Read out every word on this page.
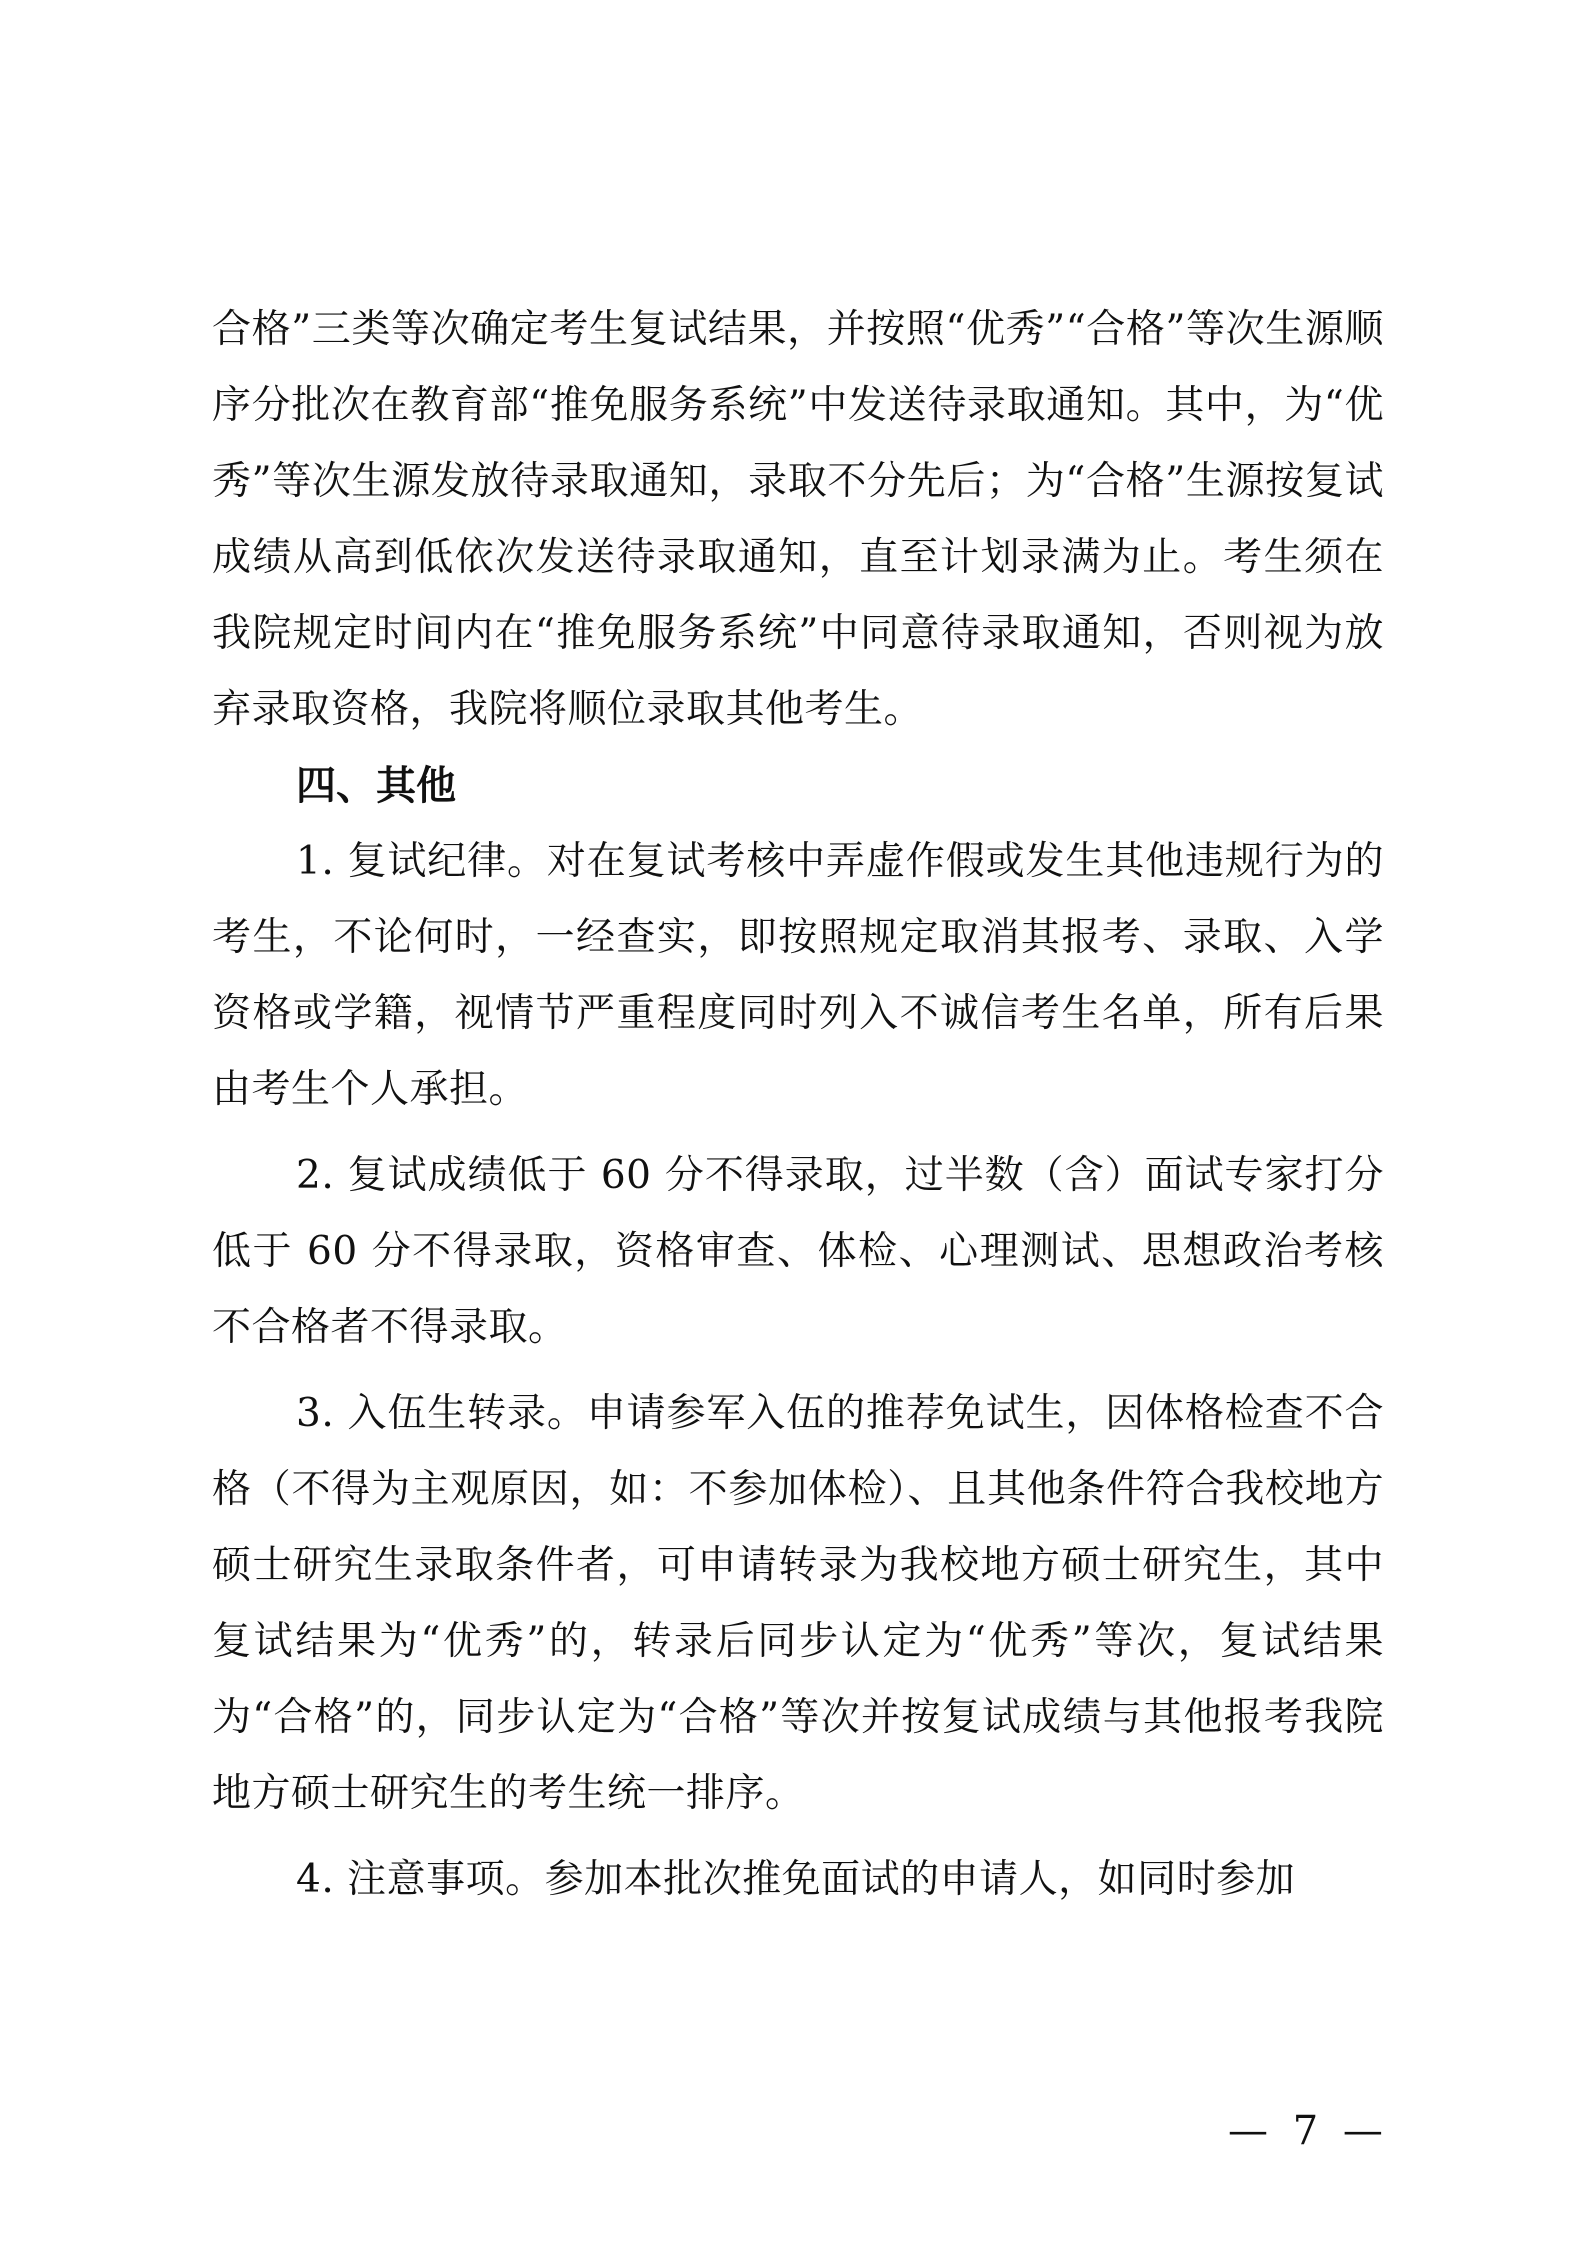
合格”三类等次确定考生复试结果，并按照“优秀”“合格”等次生源顺序分批次在教育部“推免服务系统”中发送待录取通知。其中，为“优秀”等次生源发放待录取通知，录取不分先后；为“合格”生源按复试成绩从高到低依次发送待录取通知，直至计划录满为止。考生须在我院规定时间内在“推免服务系统”中同意待录取通知，否则视为放弃录取资格，我院将顺位录取其他考生。

四、其他

1. 复试纪律。对在复试考核中弄虚作假或发生其他违规行为的考生，不论何时，一经查实，即按照规定取消其报考、录取、入学资格或学籍，视情节严重程度同时列入不诚信考生名单，所有后果由考生个人承担。

2. 复试成绩低于 60 分不得录取，过半数（含）面试专家打分低于 60 分不得录取，资格审查、体检、心理测试、思想政治考核不合格者不得录取。

3. 入伍生转录。申请参军入伍的推荐免试生，因体格检查不合格（不得为主观原因，如：不参加体检）、且其他条件符合我校地方硕士研究生录取条件者，可申请转录为我校地方硕士研究生，其中复试结果为“优秀”的，转录后同步认定为“优秀”等次，复试结果为“合格”的，同步认定为“合格”等次并按复试成绩与其他报考我院地方硕士研究生的考生统一排序。

4. 注意事项。参加本批次推免面试的申请人，如同时参加

— 7 —
